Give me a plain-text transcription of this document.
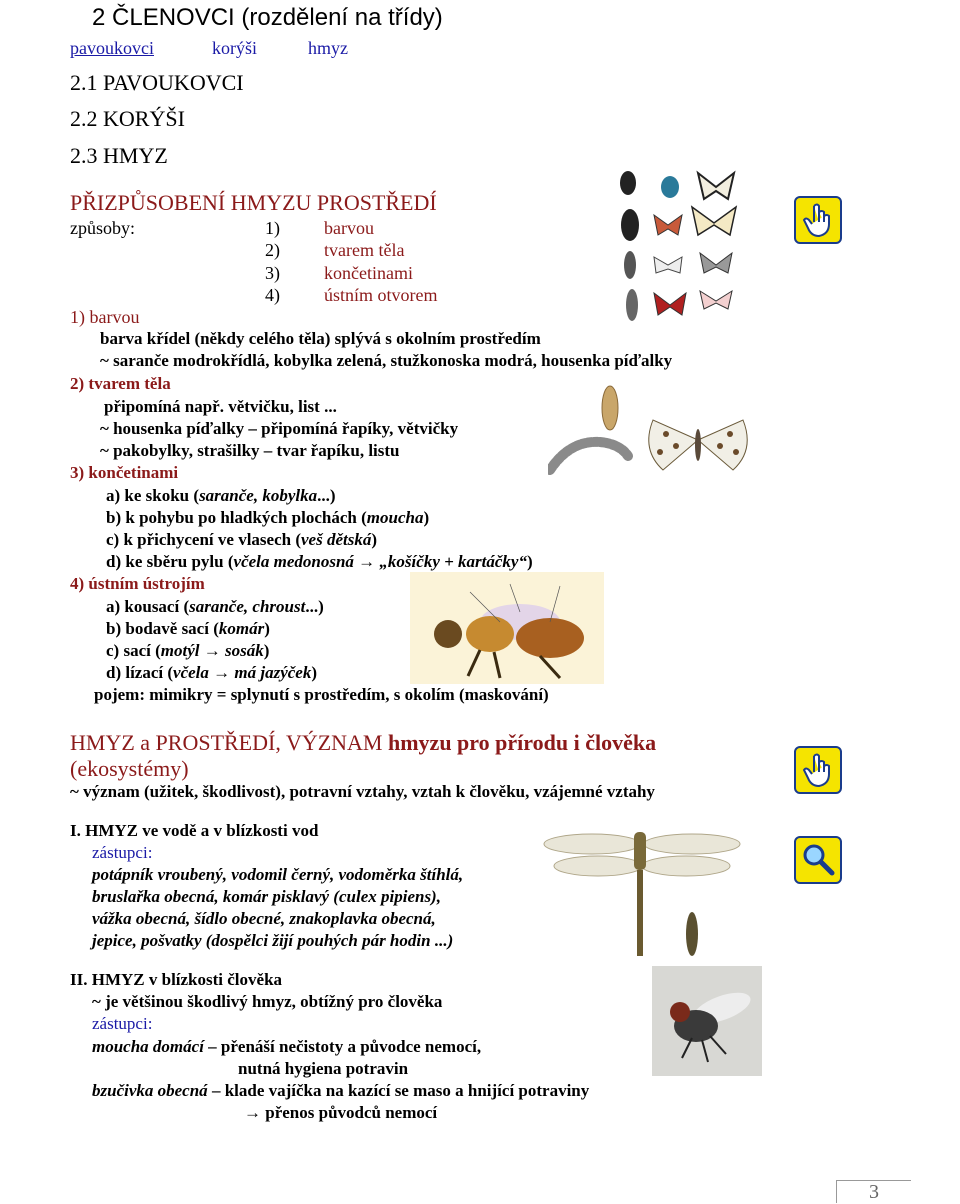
2 ČLENOVCI (rozdělení na třídy)
pavoukovci	korýši	hmyz
2.1 PAVOUKOVCI
2.2 KORÝŠI
2.3 HMYZ
PŘIZPŮSOBENÍ HMYZU PROSTŘEDÍ
způsoby:	1) barvou
2) tvarem těla
3) končetinami
4) ústním otvorem
1) barvou
barva křídel (někdy celého těla) splývá s okolním prostředím
~ saranče modrokřídlá, kobylka zelená, stužkonoska modrá, housenka píďalky
2) tvarem těla
připomíná např. větvičku, list ...
~ housenka píďalky – připomíná řapíky, větvičky
~ pakobylky, strašilky – tvar řapíku, listu
3) končetinami
a) ke skoku (saranče, kobylka...)
b) k pohybu po hladkých plochách (moucha)
c) k přichycení ve vlasech (veš dětská)
d) ke sběru pylu (včela medonosná → „košíčky + kartáčky“)
4) ústním ústrojím
a) kousací (saranče, chroust...)
b) bodavě sací (komár)
c) sací (motýl → sosák)
d) lízací (včela → má jazýček)
pojem: mimikry = splynutí s prostředím, s okolím (maskování)
HMYZ a PROSTŘEDÍ, VÝZNAM hmyzu pro přírodu i člověka
(ekosystémy)
~ význam (užitek, škodlivost), potravní vztahy, vztah k člověku, vzájemné vztahy
I. HMYZ ve vodě a v blízkosti vod
zástupci:
potápník vroubený, vodomil černý, vodoměrka štíhlá,
bruslařka obecná, komár pisklavý (culex pipiens),
vážka obecná, šídlo obecné, znakoplavka obecná,
jepice, pošvatky (dospělci žijí pouhých pár hodin ...)
II. HMYZ v blízkosti člověka
~ je většinou škodlivý hmyz, obtížný pro člověka
zástupci:
moucha domácí – přenáší nečistoty a původce nemocí,
nutná hygiena potravin
bzučivka obecná – klade vajíčka na kazící se maso a hnijící potraviny
→ přenos původců nemocí
3
